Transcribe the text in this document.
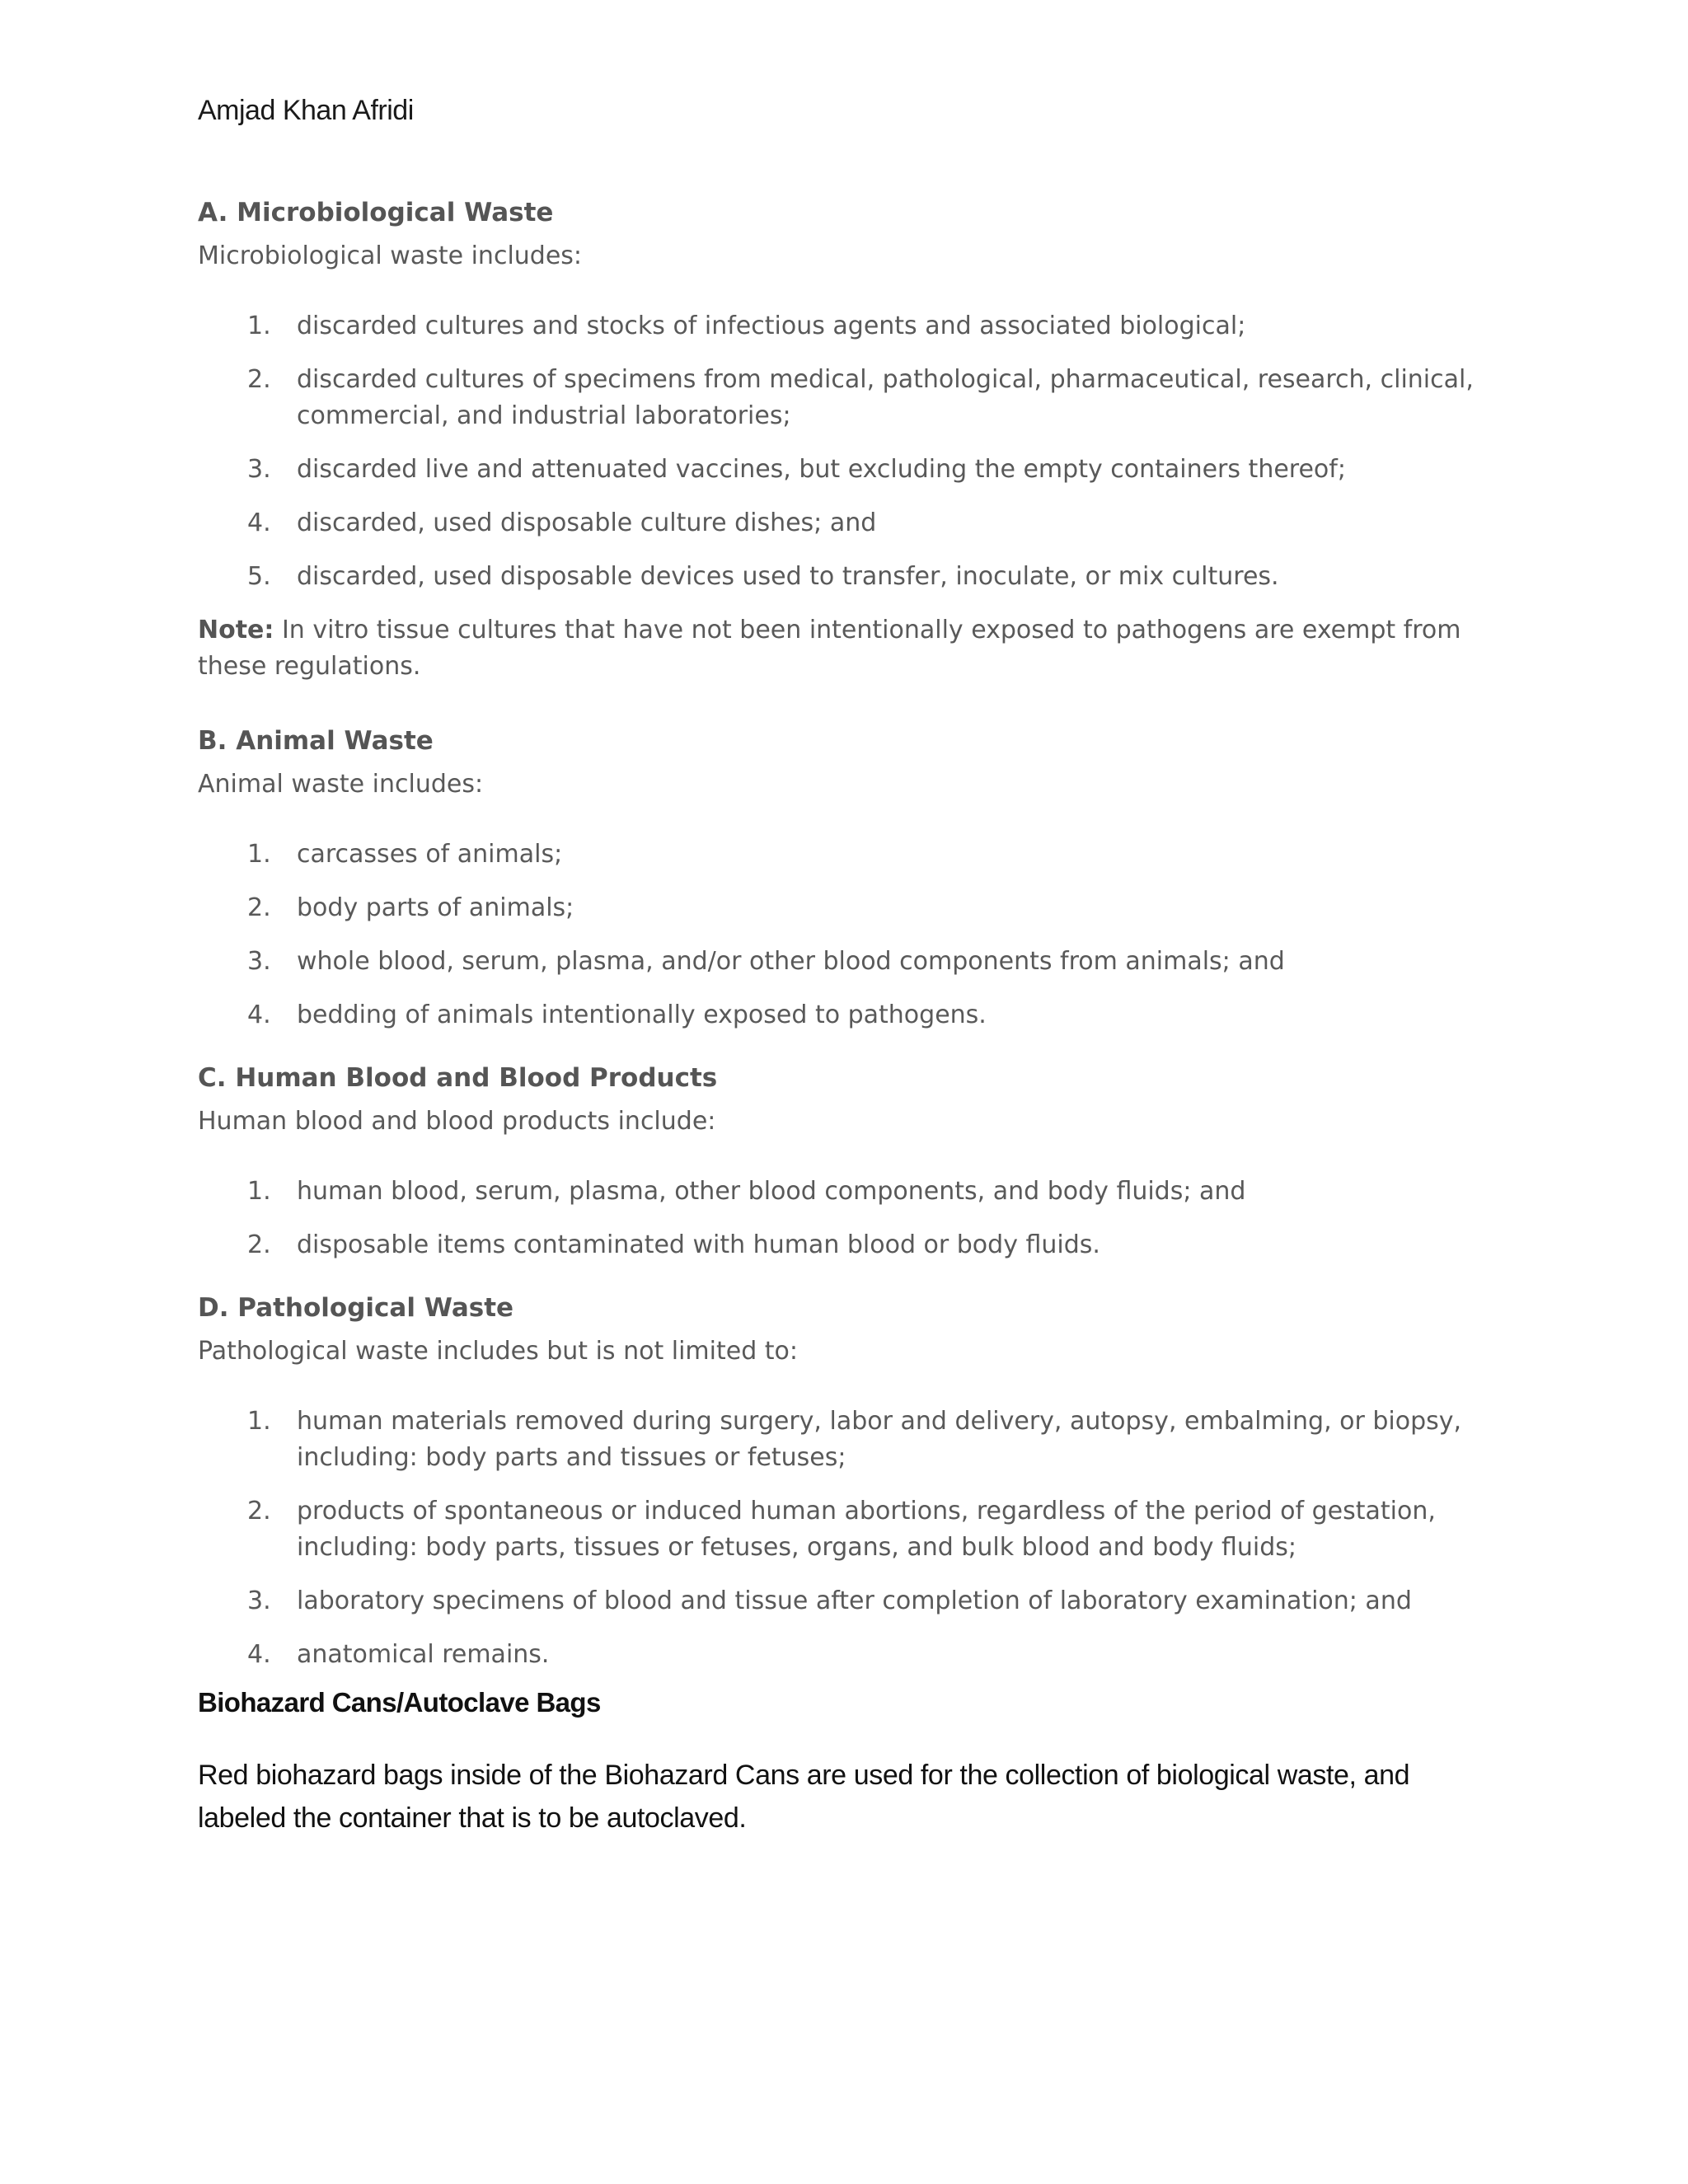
Amjad Khan Afridi
A. Microbiological Waste

Microbiological waste includes:

1. discarded cultures and stocks of infectious agents and associated biological;
2. discarded cultures of specimens from medical, pathological, pharmaceutical, research, clinical, commercial, and industrial laboratories;
3. discarded live and attenuated vaccines, but excluding the empty containers thereof;
4. discarded, used disposable culture dishes; and
5. discarded, used disposable devices used to transfer, inoculate, or mix cultures.

Note: In vitro tissue cultures that have not been intentionally exposed to pathogens are exempt from these regulations.

B. Animal Waste

Animal waste includes:

1. carcasses of animals;
2. body parts of animals;
3. whole blood, serum, plasma, and/or other blood components from animals; and
4. bedding of animals intentionally exposed to pathogens.
C. Human Blood and Blood Products

Human blood and blood products include:

1. human blood, serum, plasma, other blood components, and body fluids; and
2. disposable items contaminated with human blood or body fluids.
D. Pathological Waste

Pathological waste includes but is not limited to:

1. human materials removed during surgery, labor and delivery, autopsy, embalming, or biopsy, including: body parts and tissues or fetuses;
2. products of spontaneous or induced human abortions, regardless of the period of gestation, including: body parts, tissues or fetuses, organs, and bulk blood and body fluids;
3. laboratory specimens of blood and tissue after completion of laboratory examination; and
4. anatomical remains.
Biohazard Cans/Autoclave Bags

Red biohazard bags inside of the Biohazard Cans are used for the collection of biological waste, and labeled the container that is to be autoclaved.
